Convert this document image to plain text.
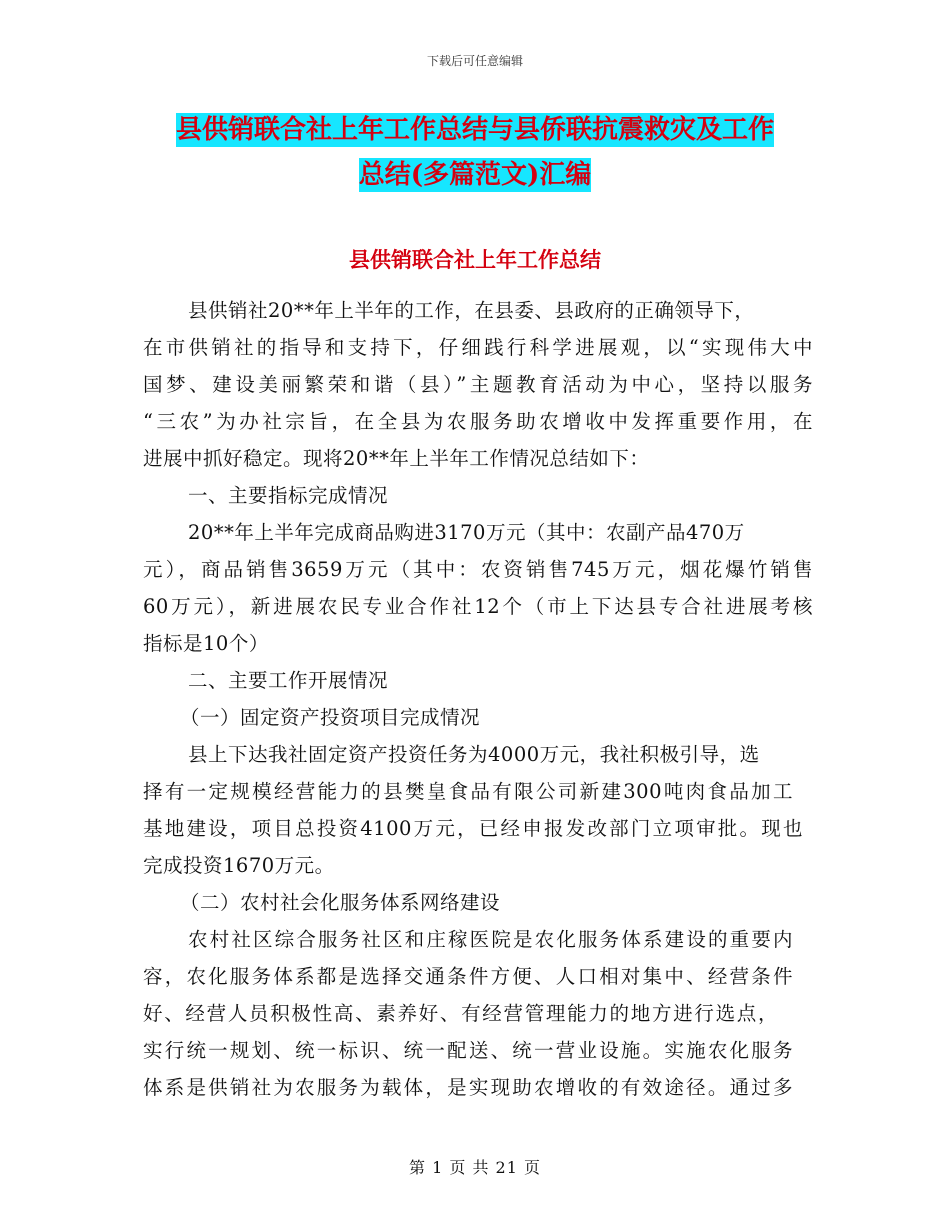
下载后可任意编辑
县供销联合社上年工作总结与县侨联抗震救灾及工作
总结(多篇范文)汇编
县供销联合社上年工作总结
县供销社20**年上半年的工作，在县委、县政府的正确领导下，
在市供销社的指导和支持下，仔细践行科学进展观，以“实现伟大中
国梦、建设美丽繁荣和谐（县）”主题教育活动为中心，坚持以服务
“三农”为办社宗旨，在全县为农服务助农增收中发挥重要作用，在
进展中抓好稳定。现将20**年上半年工作情况总结如下：
一、主要指标完成情况
20**年上半年完成商品购进3170万元（其中：农副产品470万
元），商品销售3659万元（其中：农资销售745万元，烟花爆竹销售
60万元），新进展农民专业合作社12个（市上下达县专合社进展考核
指标是10个）
二、主要工作开展情况
（一）固定资产投资项目完成情况
县上下达我社固定资产投资任务为4000万元，我社积极引导，选
择有一定规模经营能力的县樊皇食品有限公司新建300吨肉食品加工
基地建设，项目总投资4100万元，已经申报发改部门立项审批。现也
完成投资1670万元。
（二）农村社会化服务体系网络建设
农村社区综合服务社区和庄稼医院是农化服务体系建设的重要内
容，农化服务体系都是选择交通条件方便、人口相对集中、经营条件
好、经营人员积极性高、素养好、有经营管理能力的地方进行选点，
实行统一规划、统一标识、统一配送、统一营业设施。实施农化服务
体系是供销社为农服务为载体，是实现助农增收的有效途径。通过多
第 1 页 共 21 页
